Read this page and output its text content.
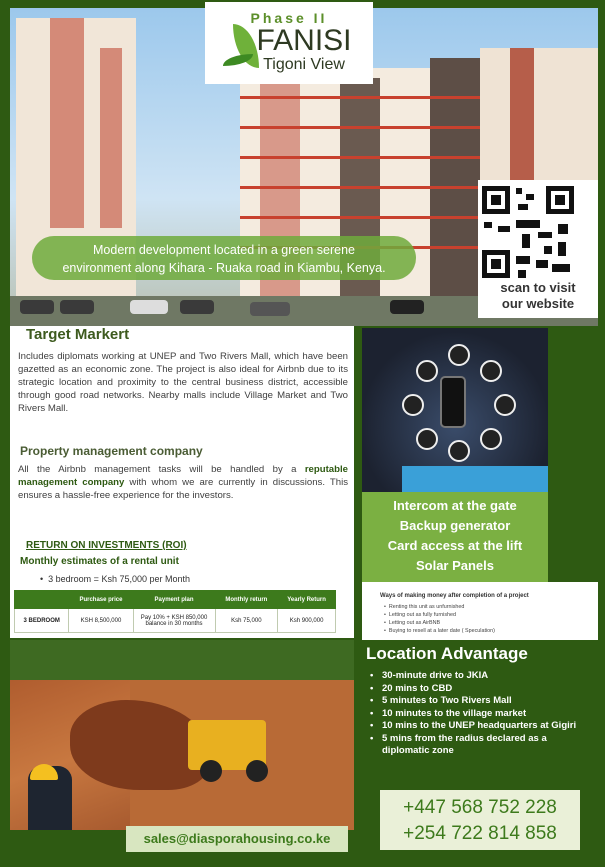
Phase II
FANISI
Tigoni View
Modern development located in a green serene
environment along Kihara - Ruaka road in Kiambu, Kenya.
scan to visit
our website
Target Markert
Includes diplomats working at UNEP and Two Rivers Mall, which have been gazetted as an economic zone. The project is also ideal for Airbnb due to its strategic location and proximity to the central business district, accessible through good road networks. Nearby malls include Village Market and Two Rivers Mall.
Property management company
All the Airbnb management tasks will be handled by a reputable management company with whom we are currently in discussions. This ensures a hassle-free experience for the investors.
RETURN ON INVESTMENTS (ROI)
Monthly estimates of a rental unit
•  3 bedroom = Ksh 75,000 per Month
	Purchase price	Payment plan	Monthly return	Yearly Return
3 BEDROOM	KSH 8,500,000	Pay 10% + KSH 850,000 balance in 30 months	Ksh 75,000	Ksh 900,000
Intercom at the gate
Backup generator
Card access at the lift
Solar Panels
Ways of making money after completion of a project
•  Renting this unit as unfurnished
•  Letting out as fully furnished
•  Letting out as AirBNB
•  Buying to resell at a later date ( Speculation)
Location Advantage
• 30-minute drive to JKIA
• 20 mins to CBD
• 5 minutes to Two Rivers Mall
• 10 minutes to the village market
• 10 mins to the UNEP headquarters at Gigiri
• 5 mins from the radius declared as a diplomatic zone
+447 568 752 228
+254 722 814 858
sales@diasporahousing.co.ke
